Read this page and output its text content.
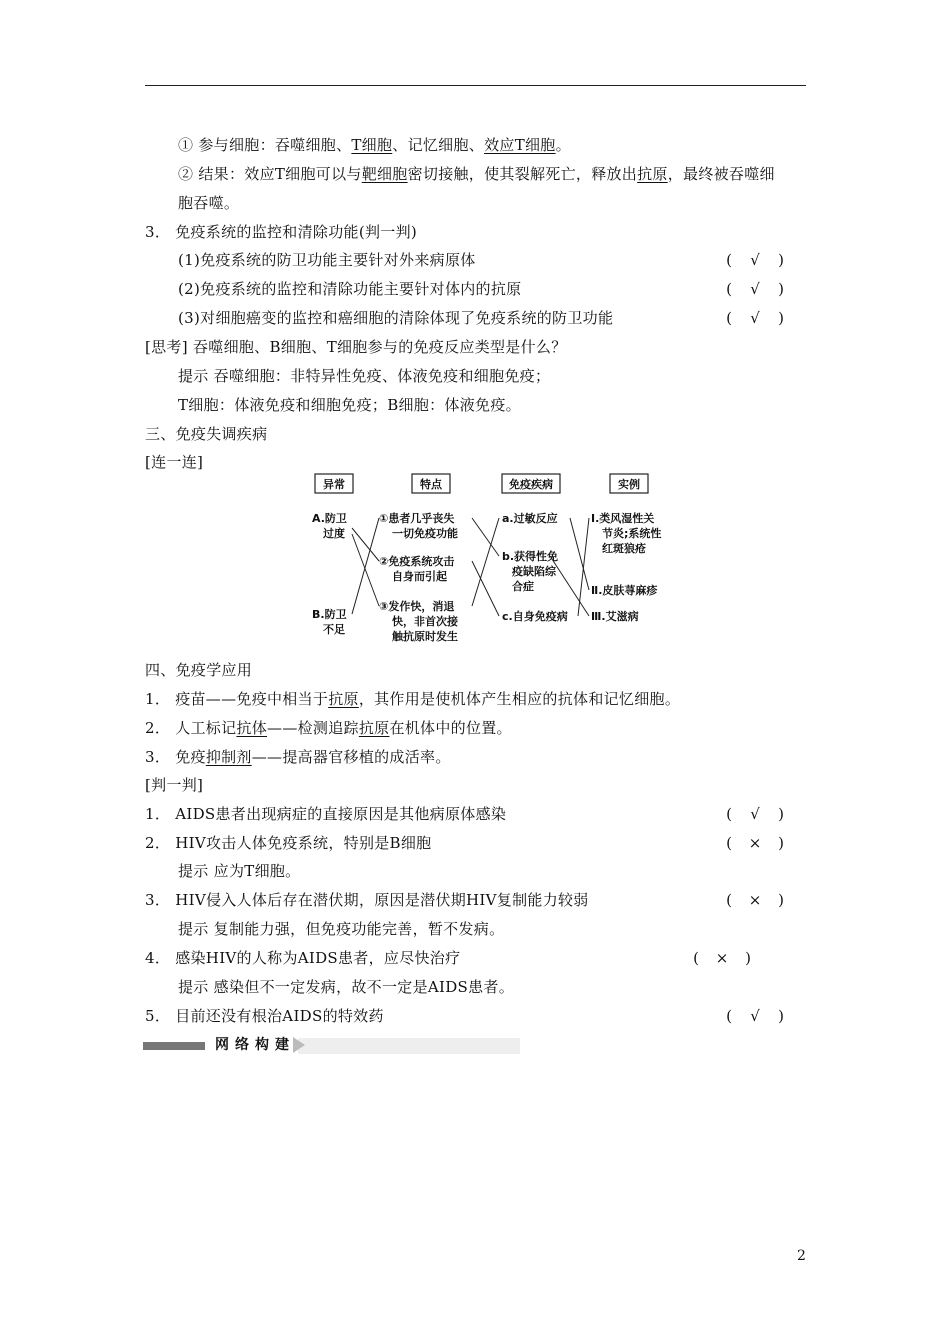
① 参与细胞：吞噬细胞、T细胞、记忆细胞、效应T细胞。
② 结果：效应T细胞可以与靶细胞密切接触，使其裂解死亡，释放出抗原，最终被吞噬细
胞吞噬。
3． 免疫系统的监控和清除功能(判一判)
(1)免疫系统的防卫功能主要针对外来病原体	( √ )
(2)免疫系统的监控和清除功能主要针对体内的抗原	( √ )
(3)对细胞癌变的监控和癌细胞的清除体现了免疫系统的防卫功能	( √ )
[思考] 吞噬细胞、B细胞、T细胞参与的免疫反应类型是什么？
提示 吞噬细胞：非特异性免疫、体液免疫和细胞免疫；
T细胞：体液免疫和细胞免疫；B细胞：体液免疫。
三、免疫失调疾病
[连一连]
异常	特点	免疫疾病	实例
A.防卫
过度
B.防卫
不足
①患者几乎丧失
一切免疫功能
②免疫系统攻击
自身而引起
③发作快，消退
快，非首次接
触抗原时发生
a.过敏反应
b.获得性免
疫缺陷综
合症
c.自身免疫病
Ⅰ.类风湿性关
节炎;系统性
红斑狼疮
Ⅱ.皮肤荨麻疹
Ⅲ.艾滋病
四、免疫学应用
1． 疫苗——免疫中相当于抗原，其作用是使机体产生相应的抗体和记忆细胞。
2． 人工标记抗体——检测追踪抗原在机体中的位置。
3． 免疫抑制剂——提高器官移植的成活率。
[判一判]
1． AIDS患者出现病症的直接原因是其他病原体感染	( √ )
2． HIV攻击人体免疫系统，特别是B细胞	( × )
提示 应为T细胞。
3． HIV侵入人体后存在潜伏期，原因是潜伏期HIV复制能力较弱	( × )
提示 复制能力强，但免疫功能完善，暂不发病。
4． 感染HIV的人称为AIDS患者，应尽快治疗	( × )
提示 感染但不一定发病，故不一定是AIDS患者。
5． 目前还没有根治AIDS的特效药	( √ )
网络构建
2
